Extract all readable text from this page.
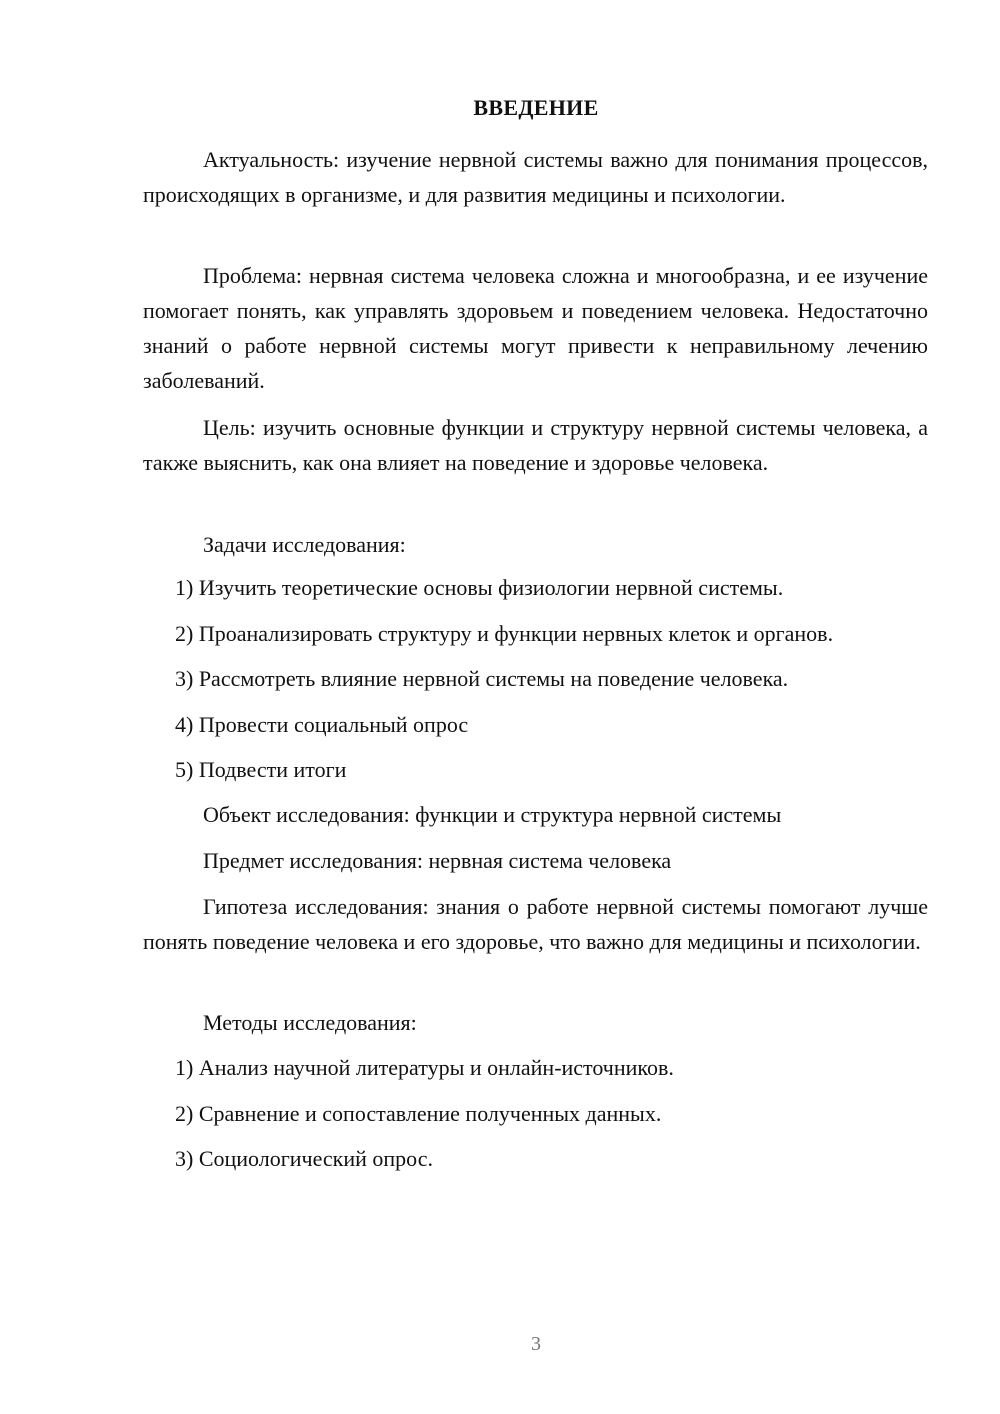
ВВЕДЕНИЕ
Актуальность: изучение нервной системы важно для понимания процессов, происходящих в организме, и для развития медицины и психологии.
Проблема: нервная система человека сложна и многообразна, и ее изучение помогает понять, как управлять здоровьем и поведением человека. Недостаточно знаний о работе нервной системы могут привести к неправильному лечению заболеваний.
Цель: изучить основные функции и структуру нервной системы человека, а также выяснить, как она влияет на поведение и здоровье человека.
Задачи исследования:
1) Изучить теоретические основы физиологии нервной системы.
2) Проанализировать структуру и функции нервных клеток и органов.
3) Рассмотреть влияние нервной системы на поведение человека.
4) Провести социальный опрос
5) Подвести итоги
Объект исследования: функции и структура нервной системы
Предмет исследования: нервная система человека
Гипотеза исследования: знания о работе нервной системы помогают лучше понять поведение человека и его здоровье, что важно для медицины и психологии.
Методы исследования:
1) Анализ научной литературы и онлайн-источников.
2) Сравнение и сопоставление полученных данных.
3) Социологический опрос.
3
